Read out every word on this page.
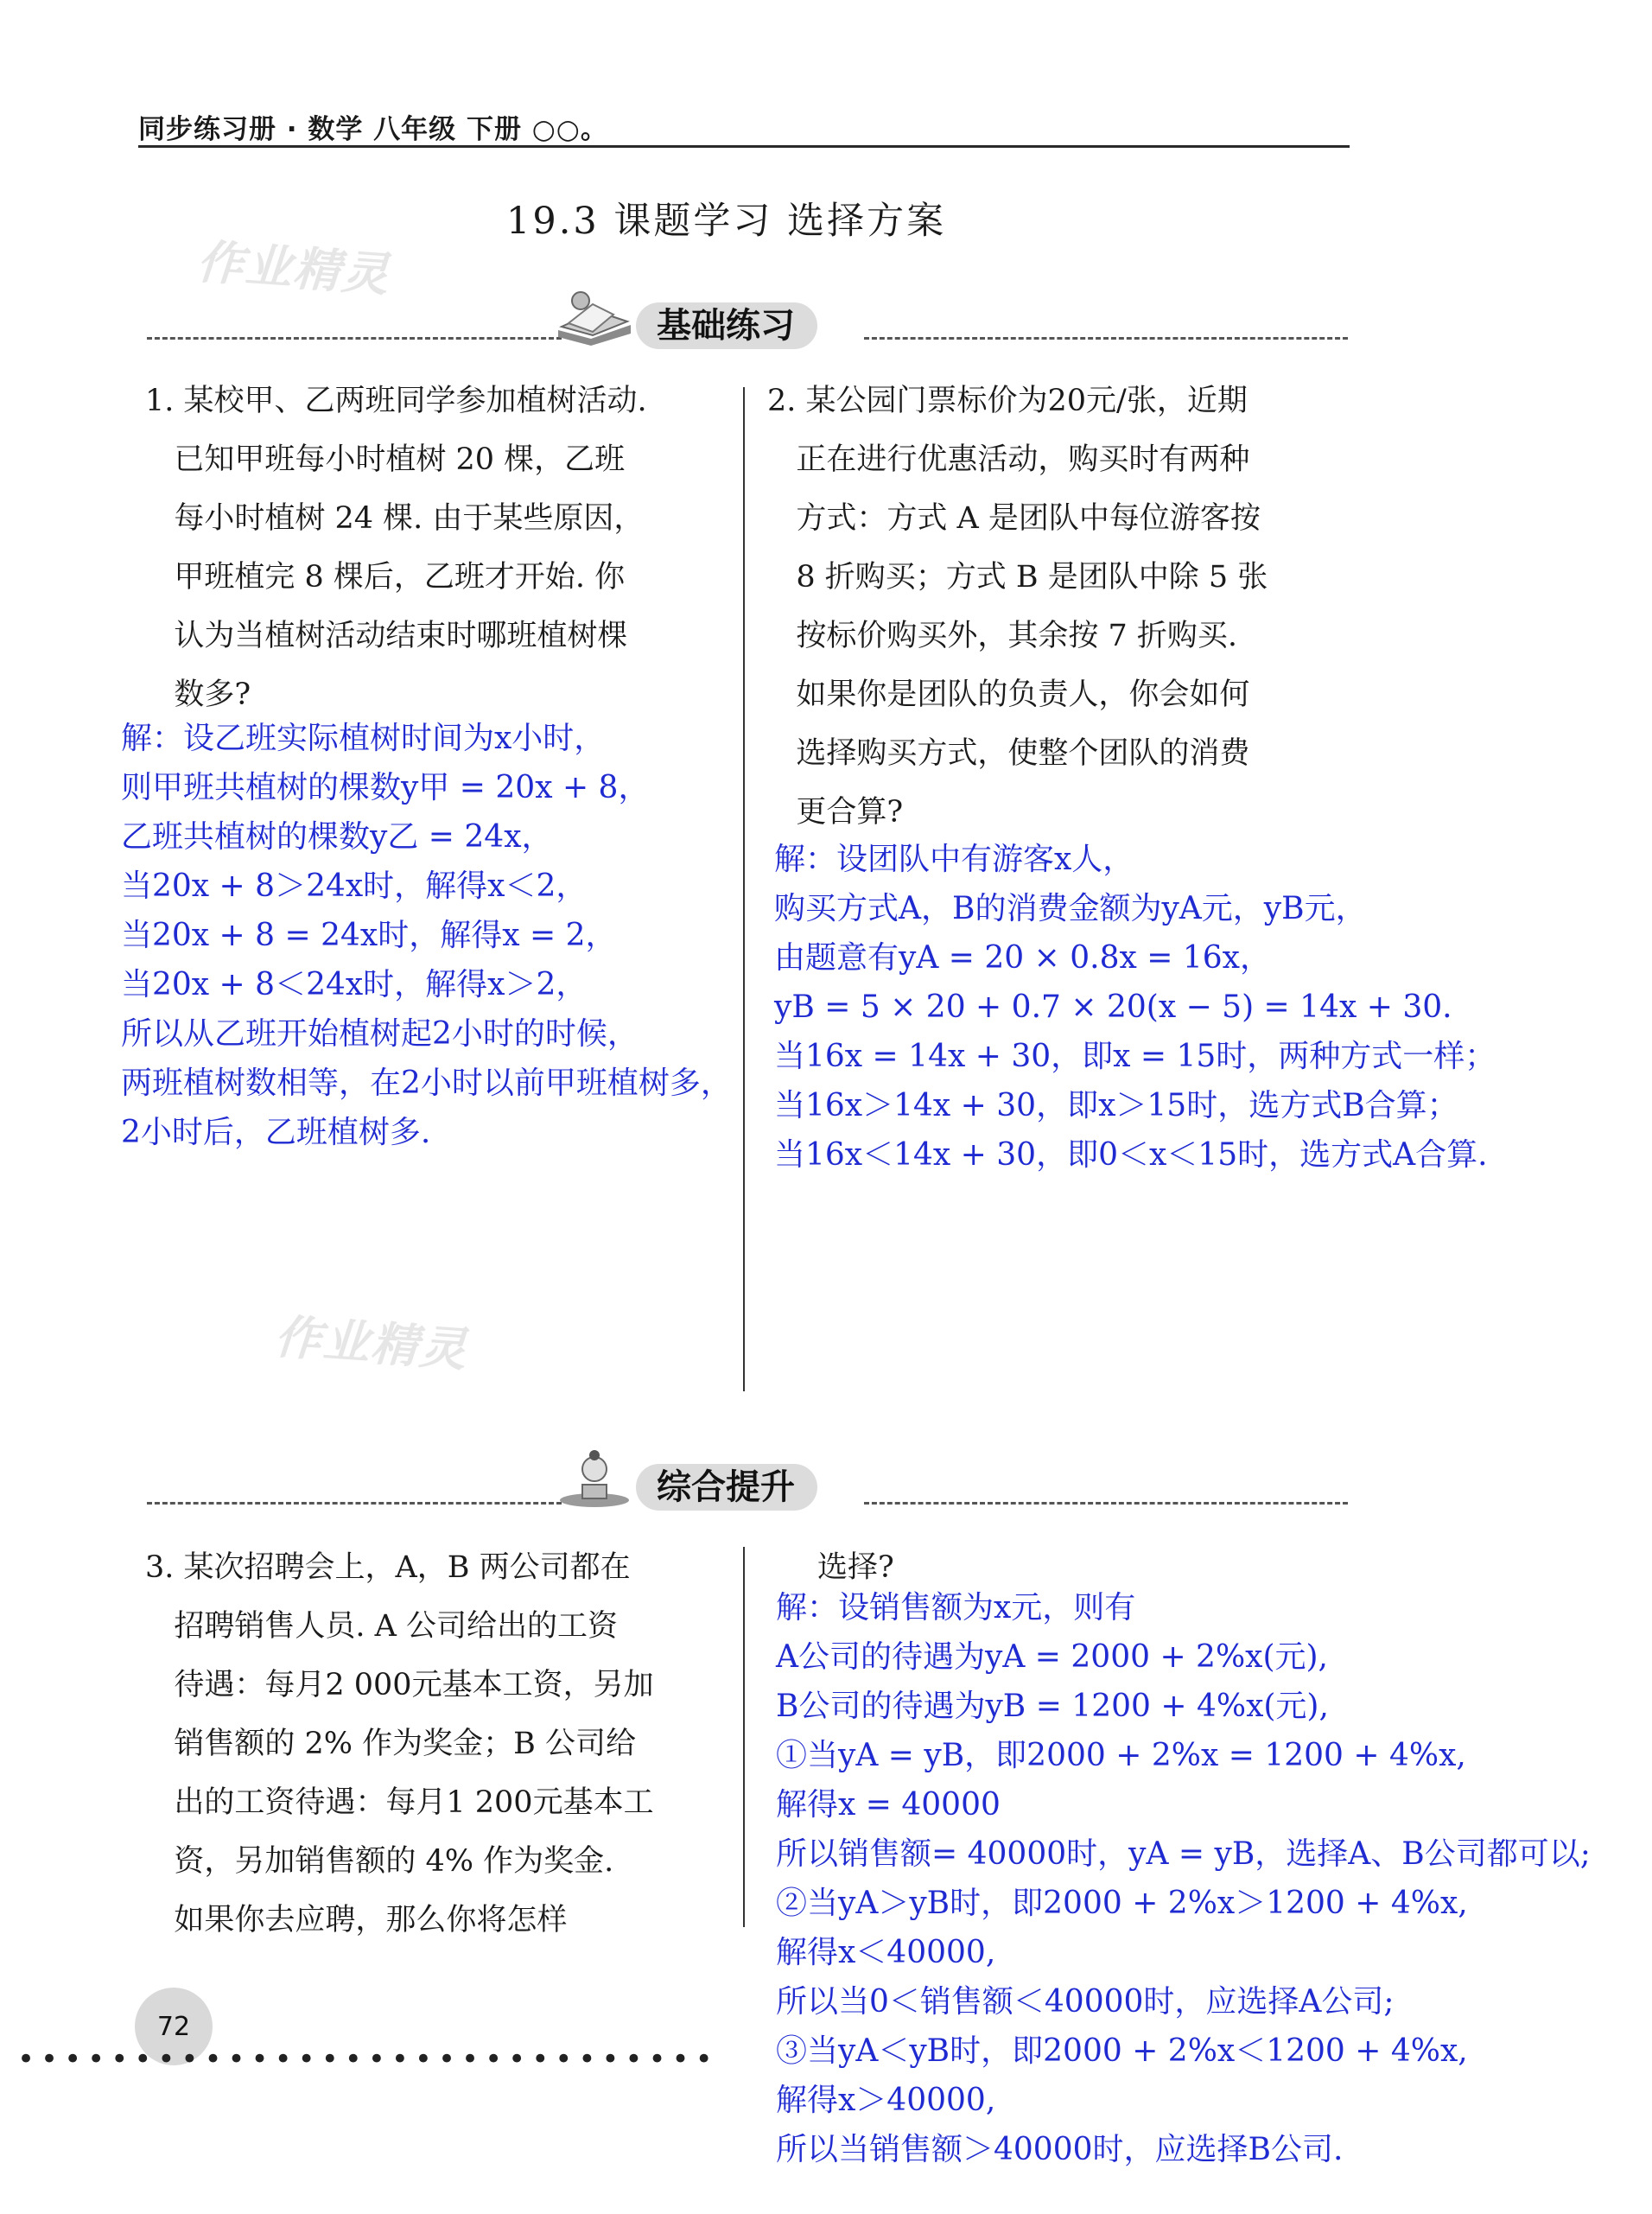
同步练习册 · 数学 八年级 下册 ○○。
19.3 课题学习 选择方案
作业精灵
作业精灵
基础练习
1. 某校甲、乙两班同学参加植树活动.
已知甲班每小时植树 20 棵，乙班
每小时植树 24 棵. 由于某些原因，
甲班植完 8 棵后，乙班才开始. 你
认为当植树活动结束时哪班植树棵
数多?
解：设乙班实际植树时间为x小时，
则甲班共植树的棵数y甲 = 20x + 8，
乙班共植树的棵数y乙 = 24x，
当20x + 8＞24x时，解得x＜2，
当20x + 8 = 24x时，解得x = 2，
当20x + 8＜24x时，解得x＞2，
所以从乙班开始植树起2小时的时候，
两班植树数相等，在2小时以前甲班植树多，
2小时后，乙班植树多.
2. 某公园门票标价为20元/张，近期
正在进行优惠活动，购买时有两种
方式：方式 A 是团队中每位游客按
8 折购买；方式 B 是团队中除 5 张
按标价购买外，其余按 7 折购买.
如果你是团队的负责人，你会如何
选择购买方式，使整个团队的消费
更合算?
解：设团队中有游客x人，
购买方式A，B的消费金额为yA元，yB元，
由题意有yA = 20 × 0.8x = 16x，
yB = 5 × 20 + 0.7 × 20(x − 5) = 14x + 30.
当16x = 14x + 30，即x = 15时，两种方式一样；
当16x＞14x + 30，即x＞15时，选方式B合算；
当16x＜14x + 30，即0＜x＜15时，选方式A合算.
综合提升
3. 某次招聘会上，A，B 两公司都在
招聘销售人员. A 公司给出的工资
待遇：每月2 000元基本工资，另加
销售额的 2% 作为奖金；B 公司给
出的工资待遇：每月1 200元基本工
资，另加销售额的 4% 作为奖金.
如果你去应聘，那么你将怎样
选择?
解：设销售额为x元，则有
A公司的待遇为yA = 2000 + 2%x(元),
B公司的待遇为yB = 1200 + 4%x(元),
①当yA = yB，即2000 + 2%x = 1200 + 4%x,
解得x = 40000
所以销售额= 40000时，yA = yB，选择A、B公司都可以;
②当yA＞yB时，即2000 + 2%x＞1200 + 4%x,
解得x＜40000,
所以当0＜销售额＜40000时，应选择A公司;
③当yA＜yB时，即2000 + 2%x＜1200 + 4%x,
解得x＞40000,
所以当销售额＞40000时，应选择B公司.
72
••••••••••••••••••••••••••••••
